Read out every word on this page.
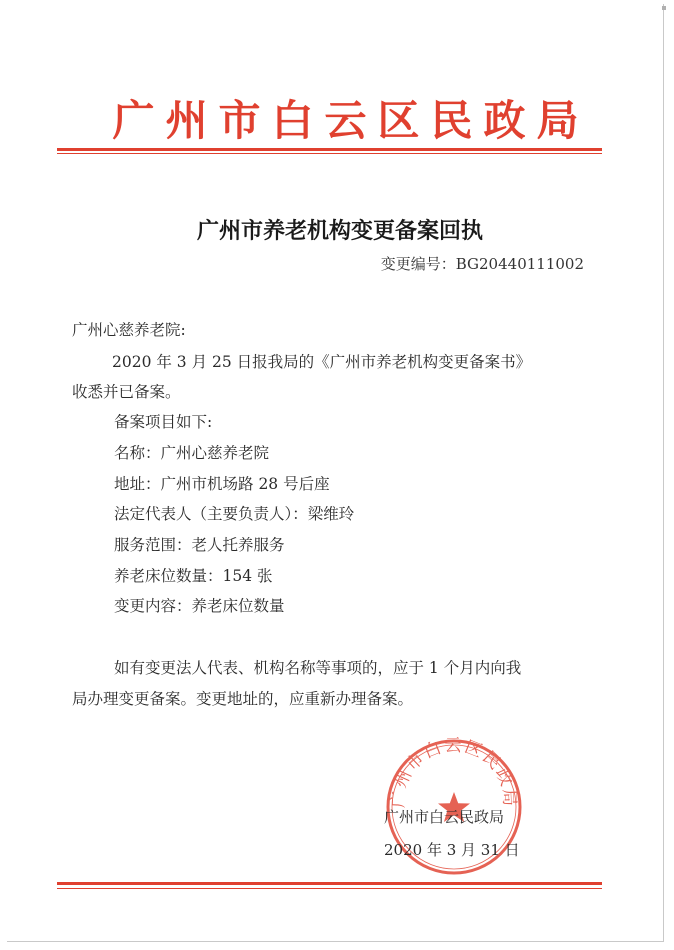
广州市白云区民政局
广州市养老机构变更备案回执
变更编号：BG20440111002
广州心慈养老院:
2020 年 3 月 25 日报我局的《广州市养老机构变更备案书》
收悉并已备案。
备案项目如下:
名称：广州心慈养老院
地址：广州市机场路 28 号后座
法定代表人（主要负责人）：梁维玲
服务范围：老人托养服务
养老床位数量：154 张
变更内容：养老床位数量
如有变更法人代表、机构名称等事项的，应于 1 个月内向我
局办理变更备案。变更地址的，应重新办理备案。
广州市白云区民政局
广州市白云民政局
2020 年 3 月 31 日
